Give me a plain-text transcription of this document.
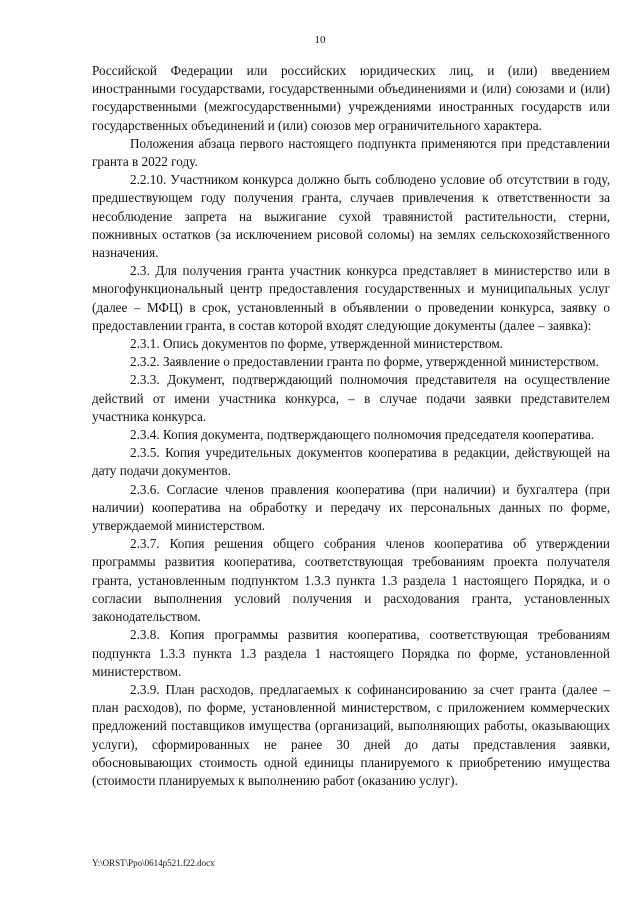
10

Российской Федерации или российских юридических лиц, и (или) введением иностранными государствами, государственными объединениями и (или) союзами и (или) государственными (межгосударственными) учреждениями иностранных государств или государственных объединений и (или) союзов мер ограничительного характера.

Положения абзаца первого настоящего подпункта применяются при представлении гранта в 2022 году.

2.2.10. Участником конкурса должно быть соблюдено условие об отсутствии в году, предшествующем году получения гранта, случаев привлечения к ответственности за несоблюдение запрета на выжигание сухой травянистой растительности, стерни, пожнивных остатков (за исключением рисовой соломы) на землях сельскохозяйственного назначения.

2.3. Для получения гранта участник конкурса представляет в министерство или в многофункциональный центр предоставления государственных и муниципальных услуг (далее – МФЦ) в срок, установленный в объявлении о проведении конкурса, заявку о предоставлении гранта, в состав которой входят следующие документы (далее – заявка):

2.3.1. Опись документов по форме, утвержденной министерством.

2.3.2. Заявление о предоставлении гранта по форме, утвержденной министерством.

2.3.3. Документ, подтверждающий полномочия представителя на осуществление действий от имени участника конкурса, – в случае подачи заявки представителем участника конкурса.

2.3.4. Копия документа, подтверждающего полномочия председателя кооператива.

2.3.5. Копия учредительных документов кооператива в редакции, действующей на дату подачи документов.

2.3.6. Согласие членов правления кооператива (при наличии) и бухгалтера (при наличии) кооператива на обработку и передачу их персональных данных по форме, утверждаемой министерством.

2.3.7. Копия решения общего собрания членов кооператива об утверждении программы развития кооператива, соответствующая требованиям проекта получателя гранта, установленным подпунктом 1.3.3 пункта 1.3 раздела 1 настоящего Порядка, и о согласии выполнения условий получения и расходования гранта, установленных законодательством.

2.3.8. Копия программы развития кооператива, соответствующая требованиям подпункта 1.3.3 пункта 1.3 раздела 1 настоящего Порядка по форме, установленной министерством.

2.3.9. План расходов, предлагаемых к софинансированию за счет гранта (далее – план расходов), по форме, установленной министерством, с приложением коммерческих предложений поставщиков имущества (организаций, выполняющих работы, оказывающих услуги), сформированных не ранее 30 дней до даты представления заявки, обосновывающих стоимость одной единицы планируемого к приобретению имущества (стоимости планируемых к выполнению работ (оказанию услуг).

Y:\ORST\Ppo\0614p521.f22.docx
